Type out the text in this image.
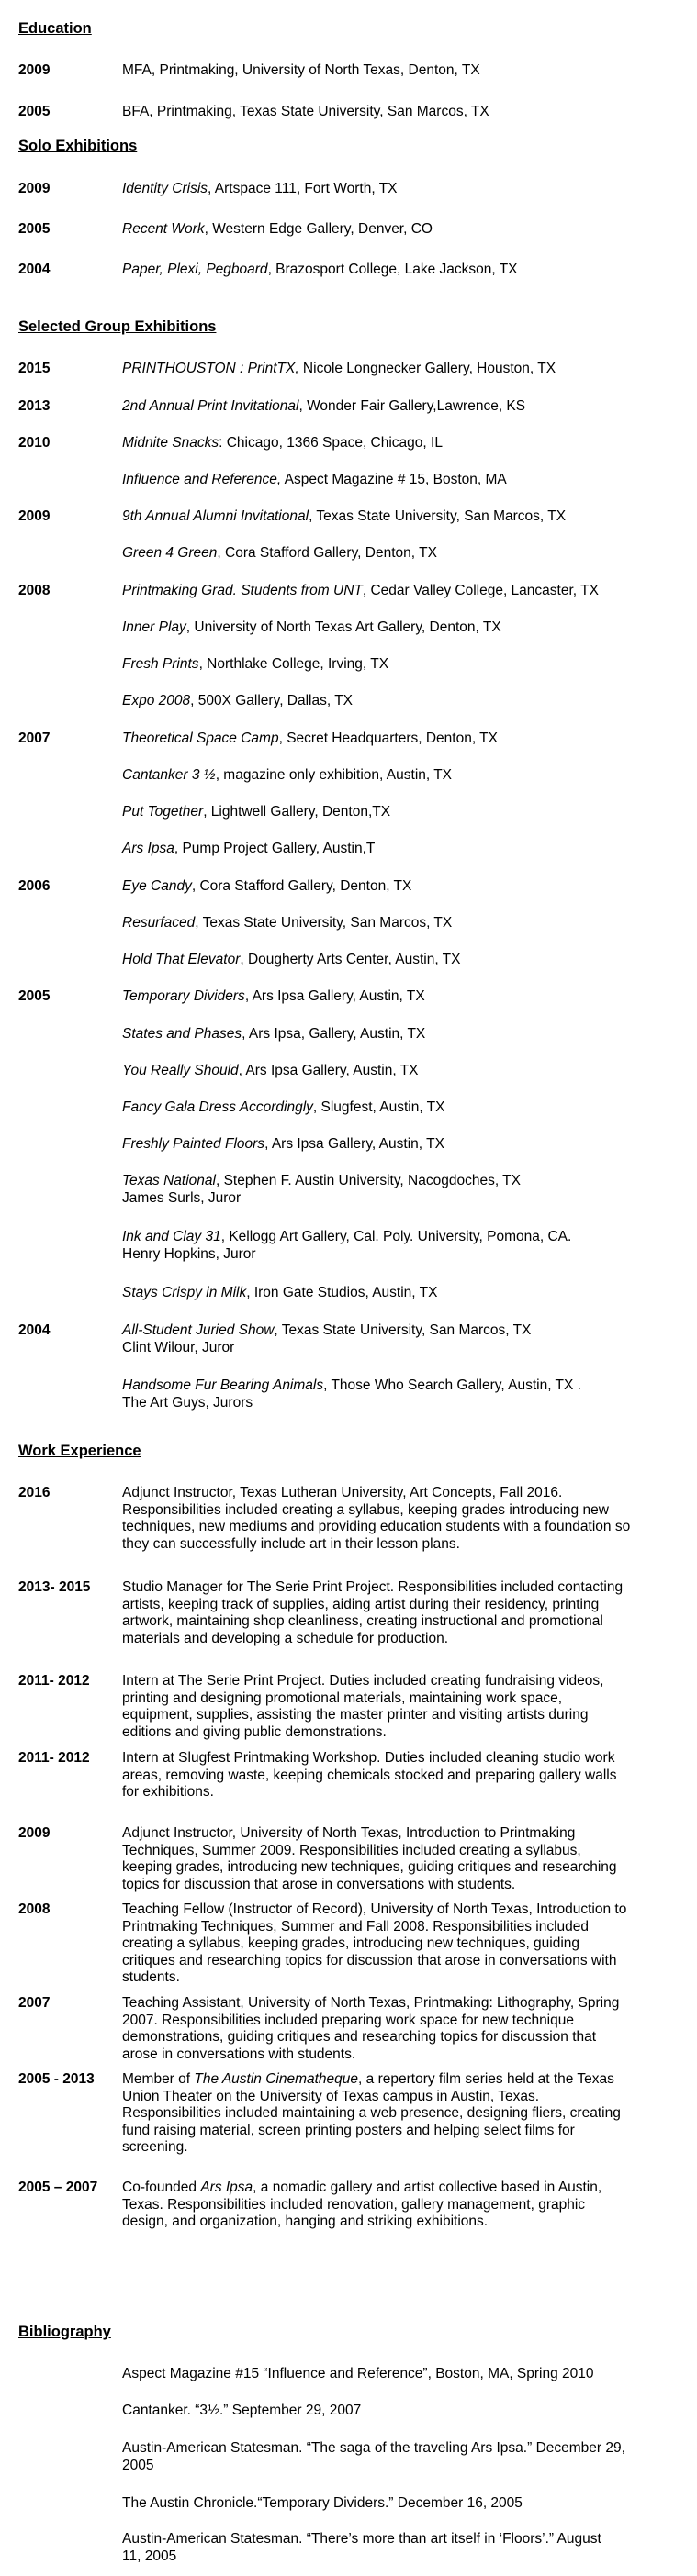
Education
2009	MFA, Printmaking, University of North Texas, Denton, TX
2005	BFA, Printmaking, Texas State University, San Marcos, TX
Solo Exhibitions
2009	Identity Crisis, Artspace 111, Fort Worth, TX
2005	Recent Work, Western Edge Gallery, Denver, CO
2004	Paper, Plexi, Pegboard, Brazosport College, Lake Jackson, TX
Selected Group Exhibitions
2015	PRINTHOUSTON : PrintTX, Nicole Longnecker Gallery, Houston, TX
2013	2nd Annual Print Invitational, Wonder Fair Gallery,Lawrence, KS
2010	Midnite Snacks: Chicago, 1366 Space, Chicago, IL
Influence and Reference, Aspect Magazine # 15, Boston, MA
2009	9th Annual Alumni Invitational, Texas State University, San Marcos, TX
Green 4 Green, Cora Stafford Gallery, Denton, TX
2008	Printmaking Grad. Students from UNT, Cedar Valley College, Lancaster, TX
Inner Play, University of North Texas Art Gallery, Denton, TX
Fresh Prints, Northlake College, Irving, TX
Expo 2008, 500X Gallery, Dallas, TX
2007	Theoretical Space Camp, Secret Headquarters, Denton, TX
Cantanker 3 ½, magazine only exhibition, Austin, TX
Put Together, Lightwell Gallery, Denton,TX
Ars Ipsa, Pump Project Gallery, Austin,T
2006	Eye Candy, Cora Stafford Gallery, Denton, TX
Resurfaced, Texas State University, San Marcos, TX
Hold That Elevator, Dougherty Arts Center, Austin, TX
2005	Temporary Dividers, Ars Ipsa Gallery, Austin, TX
States and Phases, Ars Ipsa, Gallery, Austin, TX
You Really Should, Ars Ipsa Gallery, Austin, TX
Fancy Gala Dress Accordingly, Slugfest, Austin, TX
Freshly Painted Floors, Ars Ipsa Gallery, Austin, TX
Texas National, Stephen F. Austin University, Nacogdoches, TX
James Surls, Juror
Ink and Clay 31, Kellogg Art Gallery, Cal. Poly. University, Pomona, CA.
Henry Hopkins, Juror
Stays Crispy in Milk, Iron Gate Studios, Austin, TX
2004	All-Student Juried Show, Texas State University, San Marcos, TX
Clint Wilour, Juror
Handsome Fur Bearing Animals, Those Who Search Gallery, Austin, TX .
The Art Guys, Jurors
Work Experience
2016	Adjunct Instructor, Texas Lutheran University, Art Concepts, Fall 2016.
Responsibilities included creating a syllabus, keeping grades introducing new
techniques, new mediums and providing education students with a foundation so
they can successfully include art in their lesson plans.
2013- 2015 Studio Manager for The Serie Print Project. Responsibilities included contacting
artists, keeping track of supplies, aiding artist during their residency, printing
artwork, maintaining shop cleanliness, creating instructional and promotional
materials and developing a schedule for production.
2011- 2012 Intern at The Serie Print Project. Duties included creating fundraising videos,
printing and designing promotional materials, maintaining work space,
equipment, supplies, assisting the master printer and visiting artists during
editions and giving public demonstrations.
2011- 2012 Intern at Slugfest Printmaking Workshop. Duties included cleaning studio work
areas, removing waste, keeping chemicals stocked and preparing gallery walls
for exhibitions.
2009	Adjunct Instructor, University of North Texas, Introduction to Printmaking
Techniques, Summer 2009. Responsibilities included creating a syllabus,
keeping grades, introducing new techniques, guiding critiques and researching
topics for discussion that arose in conversations with students.
2008	Teaching Fellow (Instructor of Record), University of North Texas, Introduction to
Printmaking Techniques, Summer and Fall 2008. Responsibilities included
creating a syllabus, keeping grades, introducing new techniques, guiding
critiques and researching topics for discussion that arose in conversations with
students.
2007	Teaching Assistant, University of North Texas, Printmaking: Lithography, Spring
2007. Responsibilities included preparing work space for new technique
demonstrations, guiding critiques and researching topics for discussion that
arose in conversations with students.
2005 - 2013 Member of The Austin Cinematheque, a repertory film series held at the Texas
Union Theater on the University of Texas campus in Austin, Texas.
Responsibilities included maintaining a web presence, designing fliers, creating
fund raising material, screen printing posters and helping select films for
screening.
2005 – 2007 Co-founded Ars Ipsa, a nomadic gallery and artist collective based in Austin,
Texas. Responsibilities included renovation, gallery management, graphic
design, and organization, hanging and striking exhibitions.
Bibliography
Aspect Magazine #15 “Influence and Reference”, Boston, MA, Spring 2010
Cantanker. “3½.” September 29, 2007
Austin-American Statesman. “The saga of the traveling Ars Ipsa.” December 29,
2005
The Austin Chronicle.“Temporary Dividers.” December 16, 2005
Austin-American Statesman. “There’s more than art itself in ‘Floors’.” August
11, 2005
